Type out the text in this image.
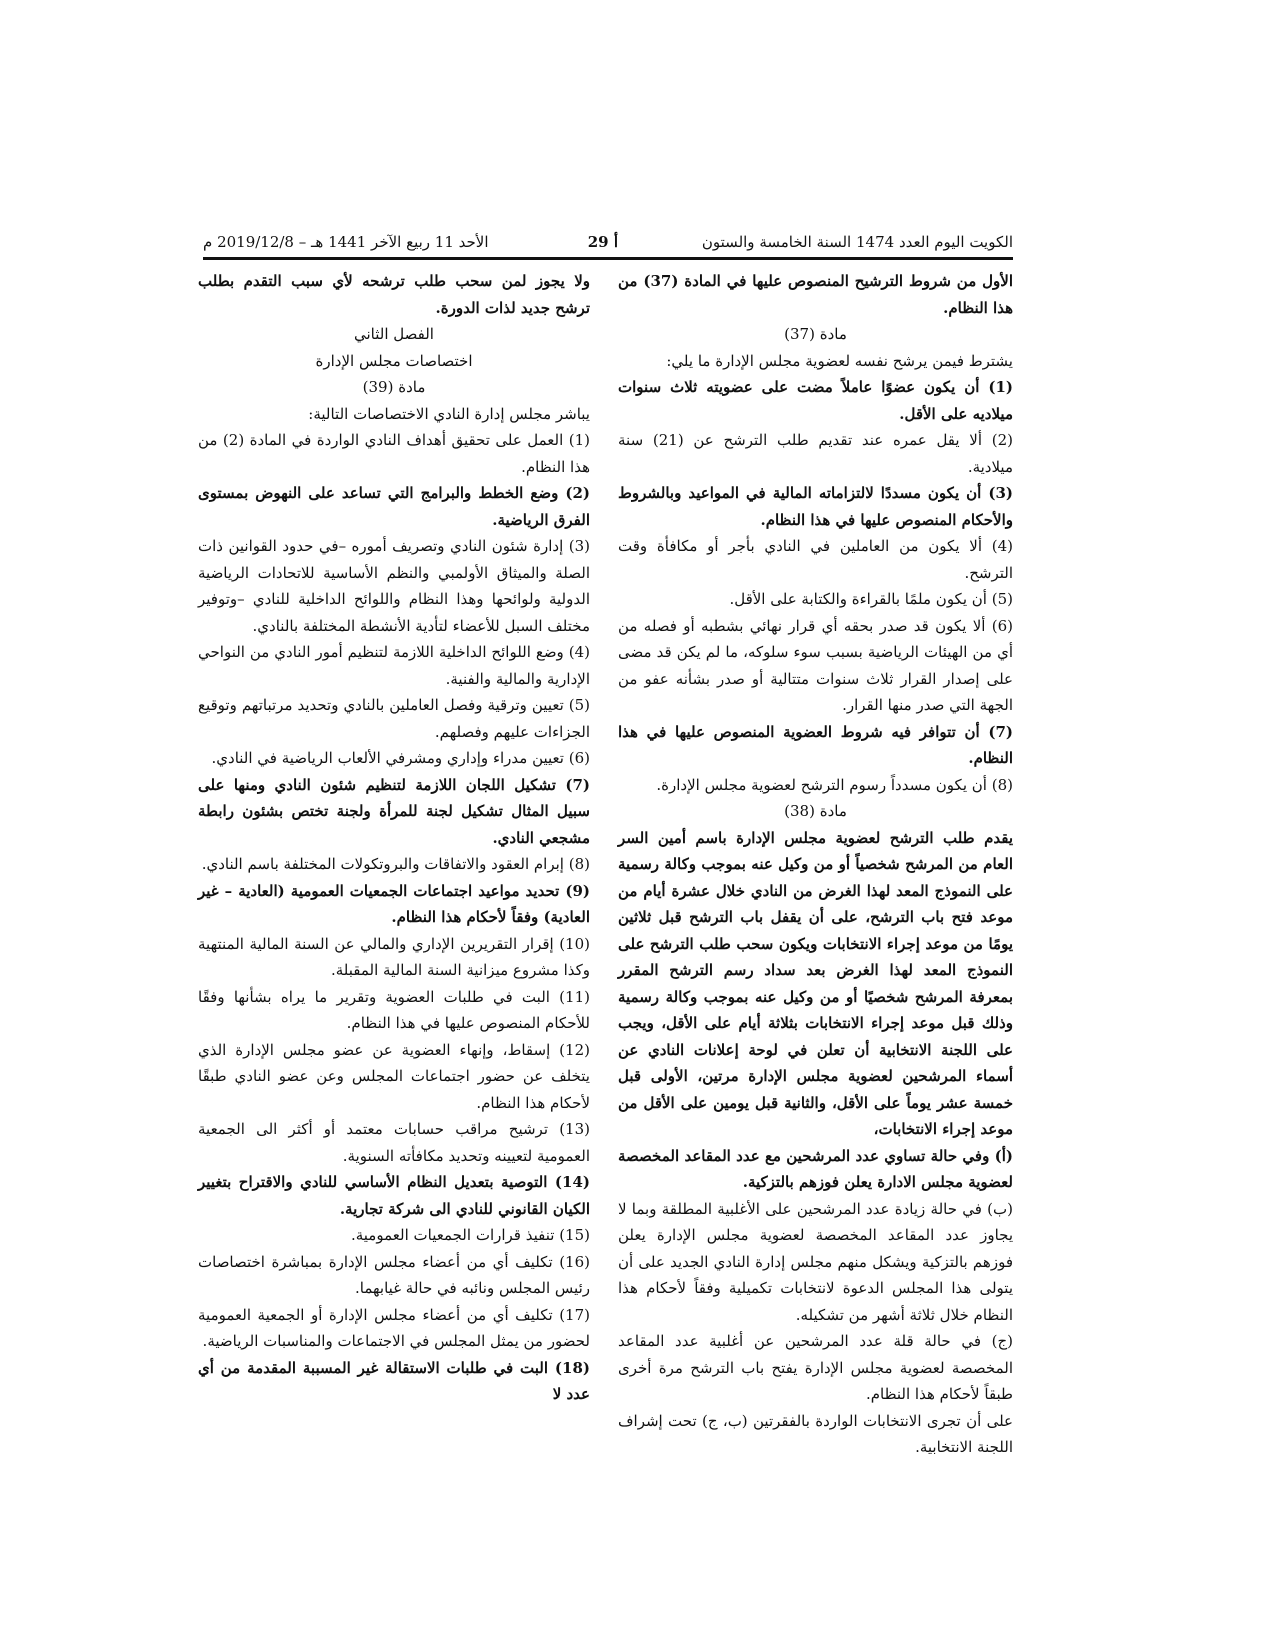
الكويت اليوم العدد 1474 السنة الخامسة والستون
أ 29
الأحد 11 ربيع الآخر 1441 هـ – 2019/12/8 م

الأول من شروط الترشيح المنصوص عليها في المادة (37) من هذا النظام.

مادة (37)

يشترط فيمن يرشح نفسه لعضوية مجلس الإدارة ما يلي:

(1) أن يكون عضوًا عاملاً مضت على عضويته ثلاث سنوات ميلاديه على الأقل.

(2) ألا يقل عمره عند تقديم طلب الترشح عن (21) سنة ميلادية.

(3) أن يكون مسددًا لالتزاماته المالية في المواعيد وبالشروط والأحكام المنصوص عليها في هذا النظام.

(4) ألا يكون من العاملين في النادي بأجر أو مكافأة وقت الترشح.

(5) أن يكون ملمًا بالقراءة والكتابة على الأقل.

(6) ألا يكون قد صدر بحقه أي قرار نهائي بشطبه أو فصله من أي من الهيئات الرياضية بسبب سوء سلوكه، ما لم يكن قد مضى على إصدار القرار ثلاث سنوات متتالية أو صدر بشأنه عفو من الجهة التي صدر منها القرار.

(7) أن تتوافر فيه شروط العضوية المنصوص عليها في هذا النظام.

(8) أن يكون مسدداً رسوم الترشح لعضوية مجلس الإدارة.

مادة (38)

يقدم طلب الترشح لعضوية مجلس الإدارة باسم أمين السر العام من المرشح شخصياً أو من وكيل عنه بموجب وكالة رسمية على النموذج المعد لهذا الغرض من النادي خلال عشرة أيام من موعد فتح باب الترشح، على أن يقفل باب الترشح قبل ثلاثين يومًا من موعد إجراء الانتخابات ويكون سحب طلب الترشح على النموذج المعد لهذا الغرض بعد سداد رسم الترشح المقرر بمعرفة المرشح شخصيًا أو من وكيل عنه بموجب وكالة رسمية وذلك قبل موعد إجراء الانتخابات بثلاثة أيام على الأقل، ويجب على اللجنة الانتخابية أن تعلن في لوحة إعلانات النادي عن أسماء المرشحين لعضوية مجلس الإدارة مرتين، الأولى قبل خمسة عشر يوماً على الأقل، والثانية قبل يومين على الأقل من موعد إجراء الانتخابات،

(أ) وفي حالة تساوي عدد المرشحين مع عدد المقاعد المخصصة لعضوية مجلس الادارة يعلن فوزهم بالتزكية.

(ب) في حالة زيادة عدد المرشحين على الأغلبية المطلقة وبما لا يجاوز عدد المقاعد المخصصة لعضوية مجلس الإدارة يعلن فوزهم بالتزكية ويشكل منهم مجلس إدارة النادي الجديد على أن يتولى هذا المجلس الدعوة لانتخابات تكميلية وفقاً لأحكام هذا النظام خلال ثلاثة أشهر من تشكيله.

(ج) في حالة قلة عدد المرشحين عن أغلبية عدد المقاعد المخصصة لعضوية مجلس الإدارة يفتح باب الترشح مرة أخرى طبقاً لأحكام هذا النظام.

على أن تجرى الانتخابات الواردة بالفقرتين (ب، ج) تحت إشراف اللجنة الانتخابية.

ولا يجوز لمن سحب طلب ترشحه لأي سبب التقدم بطلب ترشح جديد لذات الدورة.

الفصل الثاني

اختصاصات مجلس الإدارة

مادة (39)

يباشر مجلس إدارة النادي الاختصاصات التالية:

(1) العمل على تحقيق أهداف النادي الواردة في المادة (2) من هذا النظام.

(2) وضع الخطط والبرامج التي تساعد على النهوض بمستوى الفرق الرياضية.

(3) إدارة شئون النادي وتصريف أموره –في حدود القوانين ذات الصلة والميثاق الأولمبي والنظم الأساسية للاتحادات الرياضية الدولية ولوائحها وهذا النظام واللوائح الداخلية للنادي –وتوفير مختلف السبل للأعضاء لتأدية الأنشطة المختلفة بالنادي.

(4) وضع اللوائح الداخلية اللازمة لتنظيم أمور النادي من النواحي الإدارية والمالية والفنية.

(5) تعيين وترقية وفصل العاملين بالنادي وتحديد مرتباتهم وتوقيع الجزاءات عليهم وفصلهم.

(6) تعيين مدراء وإداري ومشرفي الألعاب الرياضية في النادي.

(7) تشكيل اللجان اللازمة لتنظيم شئون النادي ومنها على سبيل المثال تشكيل لجنة للمرأة ولجنة تختص بشئون رابطة مشجعي النادي.

(8) إبرام العقود والاتفاقات والبروتكولات المختلفة باسم النادي.

(9) تحديد مواعيد اجتماعات الجمعيات العمومية (العادية – غير العادية) وفقاً لأحكام هذا النظام.

(10) إقرار التقريرين الإداري والمالي عن السنة المالية المنتهية وكذا مشروع ميزانية السنة المالية المقبلة.

(11) البت في طلبات العضوية وتقرير ما يراه بشأنها وفقًا للأحكام المنصوص عليها في هذا النظام.

(12) إسقاط، وإنهاء العضوية عن عضو مجلس الإدارة الذي يتخلف عن حضور اجتماعات المجلس وعن عضو النادي طبقًا لأحكام هذا النظام.

(13) ترشيح مراقب حسابات معتمد أو أكثر الى الجمعية العمومية لتعيينه وتحديد مكافأته السنوية.

(14) التوصية بتعديل النظام الأساسي للنادي والاقتراح بتغيير الكيان القانوني للنادي الى شركة تجارية.

(15) تنفيذ قرارات الجمعيات العمومية.

(16) تكليف أي من أعضاء مجلس الإدارة بمباشرة اختصاصات رئيس المجلس ونائبه في حالة غيابهما.

(17) تكليف أي من أعضاء مجلس الإدارة أو الجمعية العمومية لحضور من يمثل المجلس في الاجتماعات والمناسبات الرياضية.

(18) البت في طلبات الاستقالة غير المسببة المقدمة من أي عدد لا
